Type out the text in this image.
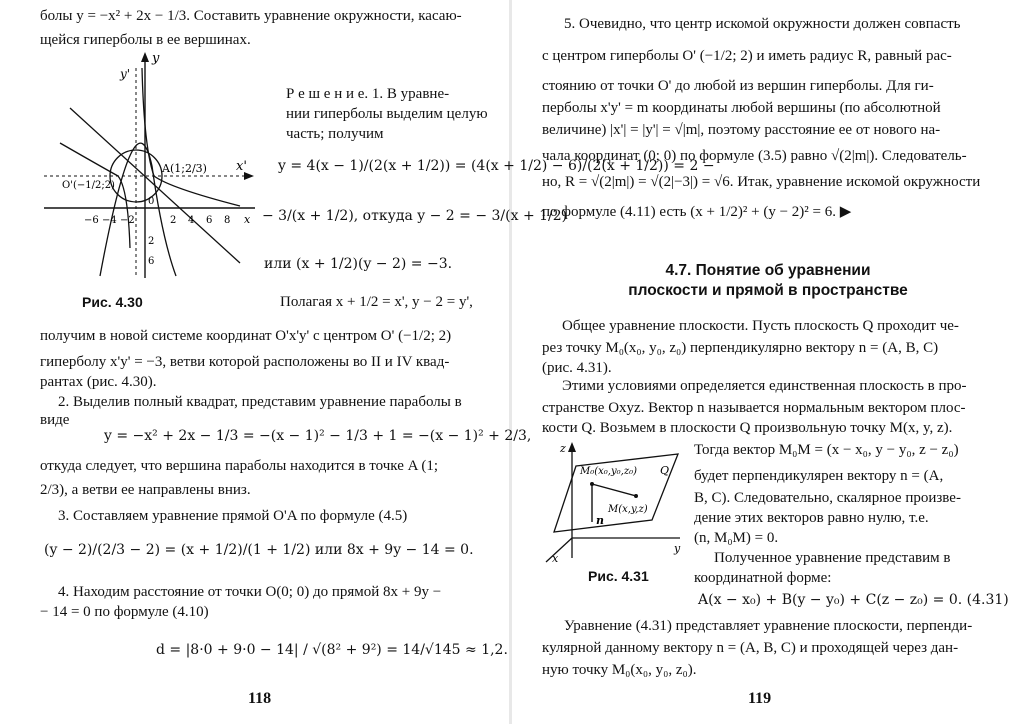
болы y = −x² + 2x − 1/3. Составить уравнение окружности, касаю-
щейся гиперболы в ее вершинах.
y
y'
x'
A(1;2/3)
O'(−1/2;2)
0
−6 −4 −2	2 4 6 8 x
2
6
Рис. 4.30
Р е ш е н и е. 1. В уравне-
нии гиперболы выделим целую
часть; получим
y = 4(x − 1)/(2(x + 1/2)) = (4(x + 1/2) − 6)/(2(x + 1/2)) = 2 −
− 3/(x + 1/2), откуда y − 2 = − 3/(x + 1/2)
или (x + 1/2)(y − 2) = −3.
Полагая x + 1/2 = x', y − 2 = y',
получим в новой системе координат O'x'y' с центром O' (−1/2; 2)
гиперболу x'y' = −3, ветви которой расположены во II и IV квад-
рантах (рис. 4.30).
2. Выделив полный квадрат, представим уравнение параболы в
виде
y = −x² + 2x − 1/3 = −(x − 1)² − 1/3 + 1 = −(x − 1)² + 2/3,
откуда следует, что вершина параболы находится в точке A (1;
2/3), а ветви ее направлены вниз.
3. Составляем уравнение прямой O'A по формуле (4.5)
(y − 2)/(2/3 − 2) = (x + 1/2)/(1 + 1/2) или 8x + 9y − 14 = 0.
4. Находим расстояние от точки O(0; 0) до прямой 8x + 9y −
− 14 = 0 по формуле (4.10)
d = |8·0 + 9·0 − 14| / √(8² + 9²) = 14/√145 ≈ 1,2.
118
5. Очевидно, что центр искомой окружности должен совпасть
с центром гиперболы O' (−1/2; 2) и иметь радиус R, равный рас-
стоянию от точки O' до любой из вершин гиперболы. Для ги-
перболы x'y' = m координаты любой вершины (по абсолютной
величине) |x'| = |y'| = √|m|, поэтому расстояние ее от нового на-
чала координат (0; 0) по формуле (3.5) равно √(2|m|). Следователь-
но, R = √(2|m|) = √(2|−3|) = √6. Итак, уравнение искомой окружности
по формуле (4.11) есть (x + 1/2)² + (y − 2)² = 6. ▶
4.7. Понятие об уравнении
плоскости и прямой в пространстве
Общее уравнение плоскости. Пусть плоскость Q проходит че-
рез точку M₀(x₀, y₀, z₀) перпендикулярно вектору n = (A, B, C)
(рис. 4.31).
Этими условиями определяется единственная плоскость в про-
странстве Oxyz. Вектор n называется нормальным вектором плос-
кости Q. Возьмем в плоскости Q произвольную точку M(x, y, z).
M₀(x₀,y₀,z₀) Q
M(x,y,z)
n
z
y
x
Рис. 4.31
Тогда вектор M₀M = (x − x₀, y − y₀, z − z₀)
будет перпендикулярен вектору n = (A,
B, C). Следовательно, скалярное произве-
дение этих векторов равно нулю, т.е.
(n, M₀M) = 0.
Полученное уравнение представим в
координатной форме:
A(x − x₀) + B(y − y₀) + C(z − z₀) = 0. (4.31)
Уравнение (4.31) представляет уравнение плоскости, перпенди-
кулярной данному вектору n = (A, B, C) и проходящей через дан-
ную точку M₀(x₀, y₀, z₀).
119
